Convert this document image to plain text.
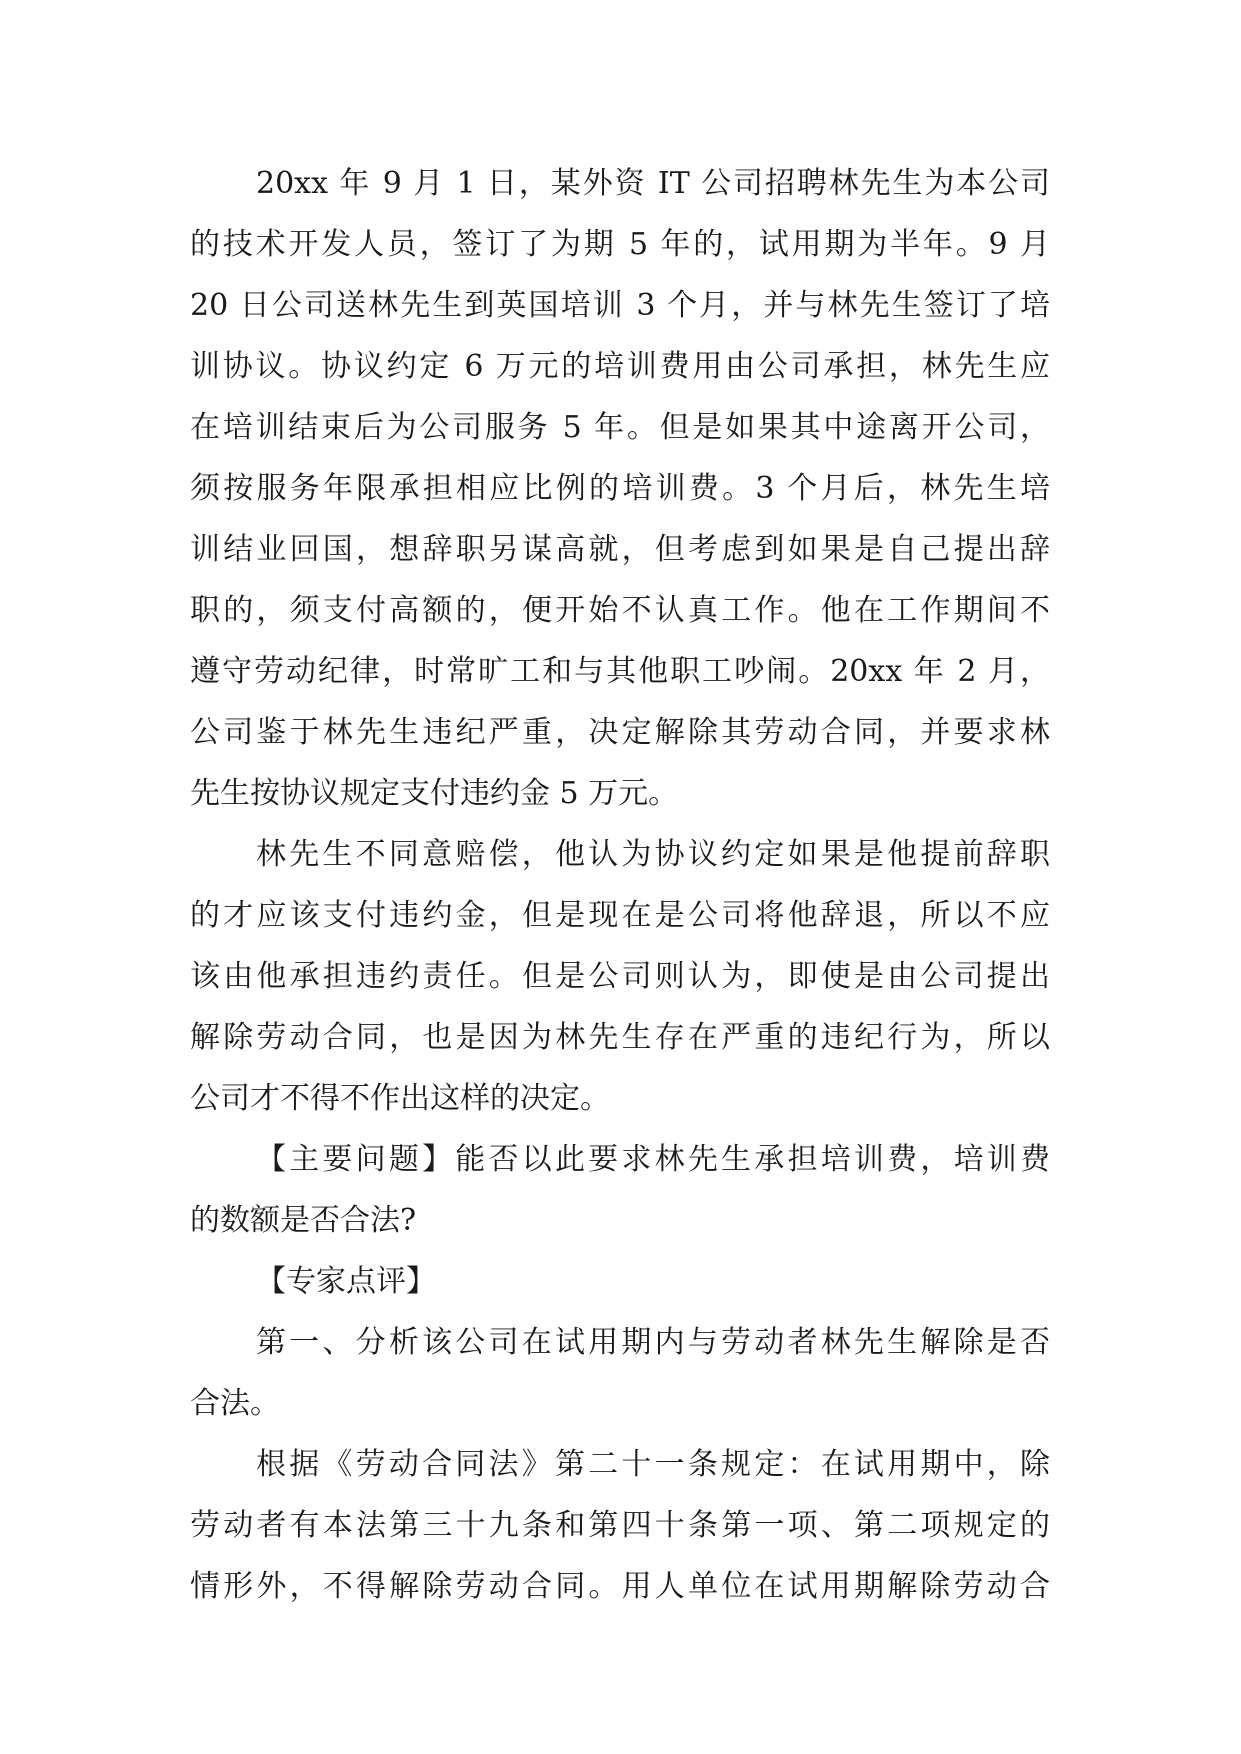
20xx 年 9 月 1 日，某外资 IT 公司招聘林先生为本公司
的技术开发人员，签订了为期 5 年的，试用期为半年。9 月
20 日公司送林先生到英国培训 3 个月，并与林先生签订了培
训协议。协议约定 6 万元的培训费用由公司承担，林先生应
在培训结束后为公司服务 5 年。但是如果其中途离开公司，
须按服务年限承担相应比例的培训费。3 个月后，林先生培
训结业回国，想辞职另谋高就，但考虑到如果是自己提出辞
职的，须支付高额的，便开始不认真工作。他在工作期间不
遵守劳动纪律，时常旷工和与其他职工吵闹。20xx 年 2 月，
公司鉴于林先生违纪严重，决定解除其劳动合同，并要求林
先生按协议规定支付违约金 5 万元。
林先生不同意赔偿，他认为协议约定如果是他提前辞职
的才应该支付违约金，但是现在是公司将他辞退，所以不应
该由他承担违约责任。但是公司则认为，即使是由公司提出
解除劳动合同，也是因为林先生存在严重的违纪行为，所以
公司才不得不作出这样的决定。
【主要问题】能否以此要求林先生承担培训费，培训费
的数额是否合法?
【专家点评】
第一、分析该公司在试用期内与劳动者林先生解除是否
合法。
根据《劳动合同法》第二十一条规定：在试用期中，除
劳动者有本法第三十九条和第四十条第一项、第二项规定的
情形外，不得解除劳动合同。用人单位在试用期解除劳动合
